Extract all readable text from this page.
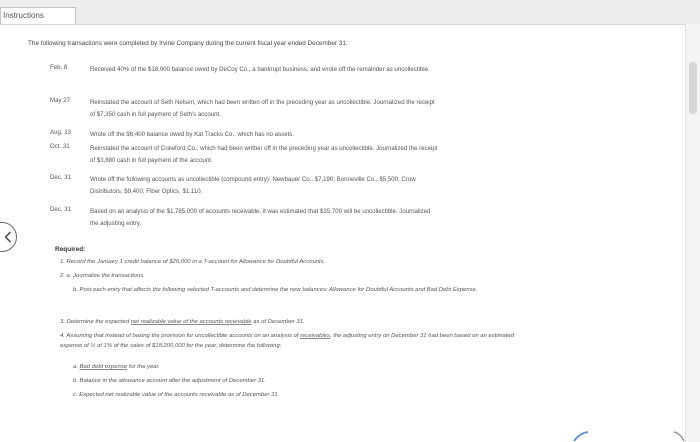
Instructions
The following transactions were completed by Irvine Company during the current fiscal year ended December 31:
Feb. 8	Received 40% of the $18,000 balance owed by DeCoy Co., a bankrupt business, and wrote off the remainder as uncollectible.
May 27	Reinstated the account of Seth Nelsen, which had been written off in the preceding year as uncollectible. Journalized the receipt of $7,350 cash in full payment of Seth's account.
Aug. 13	Wrote off the $6,400 balance owed by Kat Tracks Co., which has no assets.
Oct. 31	Reinstated the account of Crawford Co., which had been written off in the preceding year as uncollectible. Journalized the receipt of $3,880 cash in full payment of the account.
Dec. 31	Wrote off the following accounts as uncollectible (compound entry): Newbauer Co., $7,190; Bonneville Co., $5,500; Crow Distributors, $9,400; Fiber Optics, $1,110.
Dec. 31	Based on an analysis of the $1,785,000 of accounts receivable, it was estimated that $35,700 will be uncollectible. Journalized the adjusting entry.
Required:
1. Record the January 1 credit balance of $26,000 in a T-account for Allowance for Doubtful Accounts.
2. a. Journalize the transactions.
b. Post each entry that affects the following selected T-accounts and determine the new balances: Allowance for Doubtful Accounts and Bad Debt Expense.
3. Determine the expected net realizable value of the accounts receivable as of December 31.
4. Assuming that instead of basing the provision for uncollectible accounts on an analysis of receivables, the adjusting entry on December 31 had been based on an estimated expense of ½ of 1% of the sales of $18,200,000 for the year, determine the following:
a. Bad debt expense for the year.
b. Balance in the allowance account after the adjustment of December 31.
c. Expected net realizable value of the accounts receivable as of December 31.
